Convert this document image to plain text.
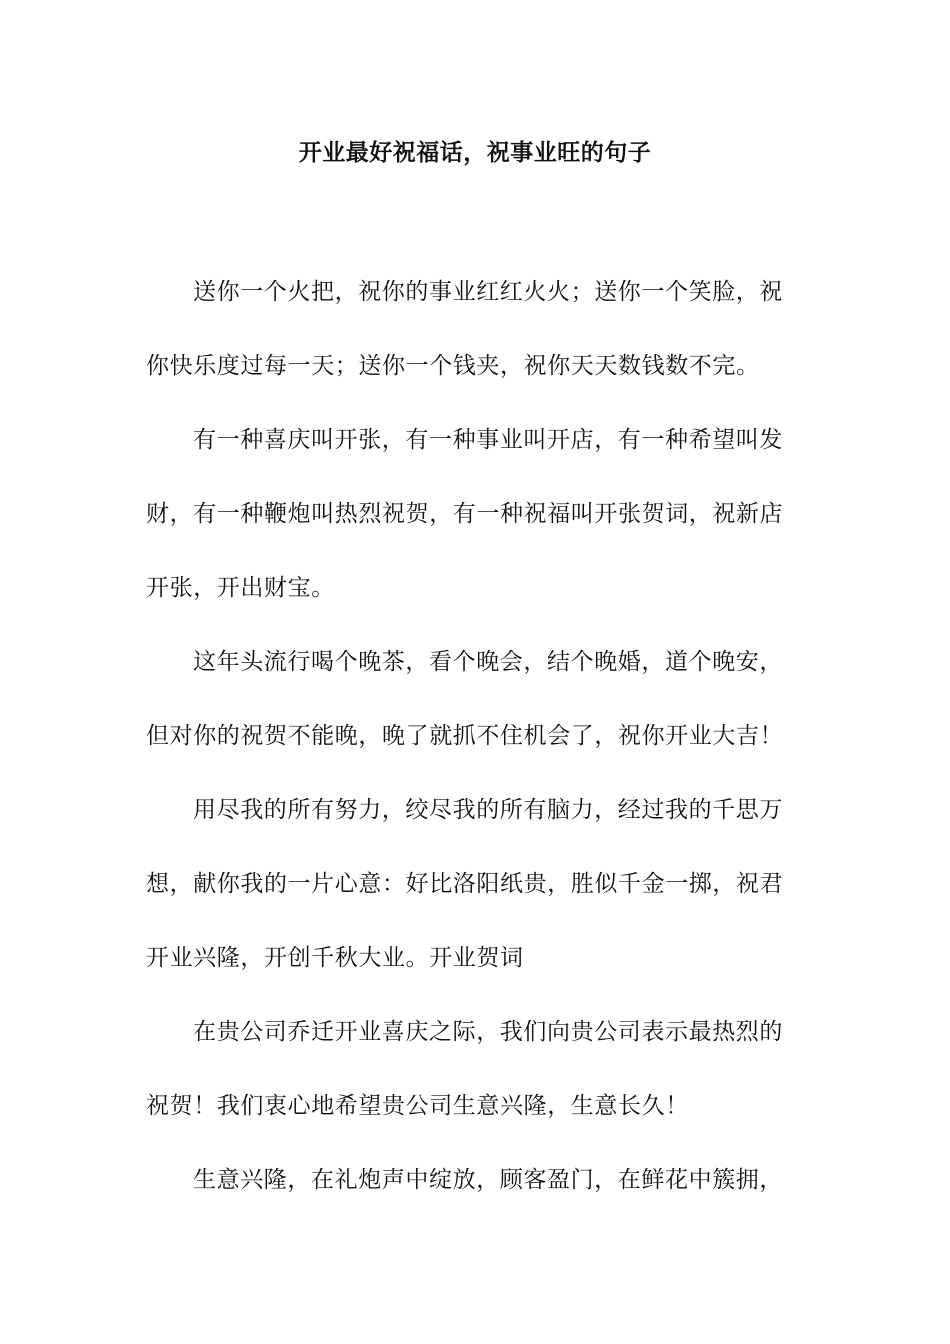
开业最好祝福话，祝事业旺的句子
送你一个火把，祝你的事业红红火火；送你一个笑脸，祝
你快乐度过每一天；送你一个钱夹，祝你天天数钱数不完。
有一种喜庆叫开张，有一种事业叫开店，有一种希望叫发
财，有一种鞭炮叫热烈祝贺，有一种祝福叫开张贺词，祝新店
开张，开出财宝。
这年头流行喝个晚茶，看个晚会，结个晚婚，道个晚安，
但对你的祝贺不能晚，晚了就抓不住机会了，祝你开业大吉！
用尽我的所有努力，绞尽我的所有脑力，经过我的千思万
想，献你我的一片心意：好比洛阳纸贵，胜似千金一掷，祝君
开业兴隆，开创千秋大业。开业贺词
在贵公司乔迁开业喜庆之际，我们向贵公司表示最热烈的
祝贺！我们衷心地希望贵公司生意兴隆，生意长久！
生意兴隆，在礼炮声中绽放，顾客盈门，在鲜花中簇拥，
